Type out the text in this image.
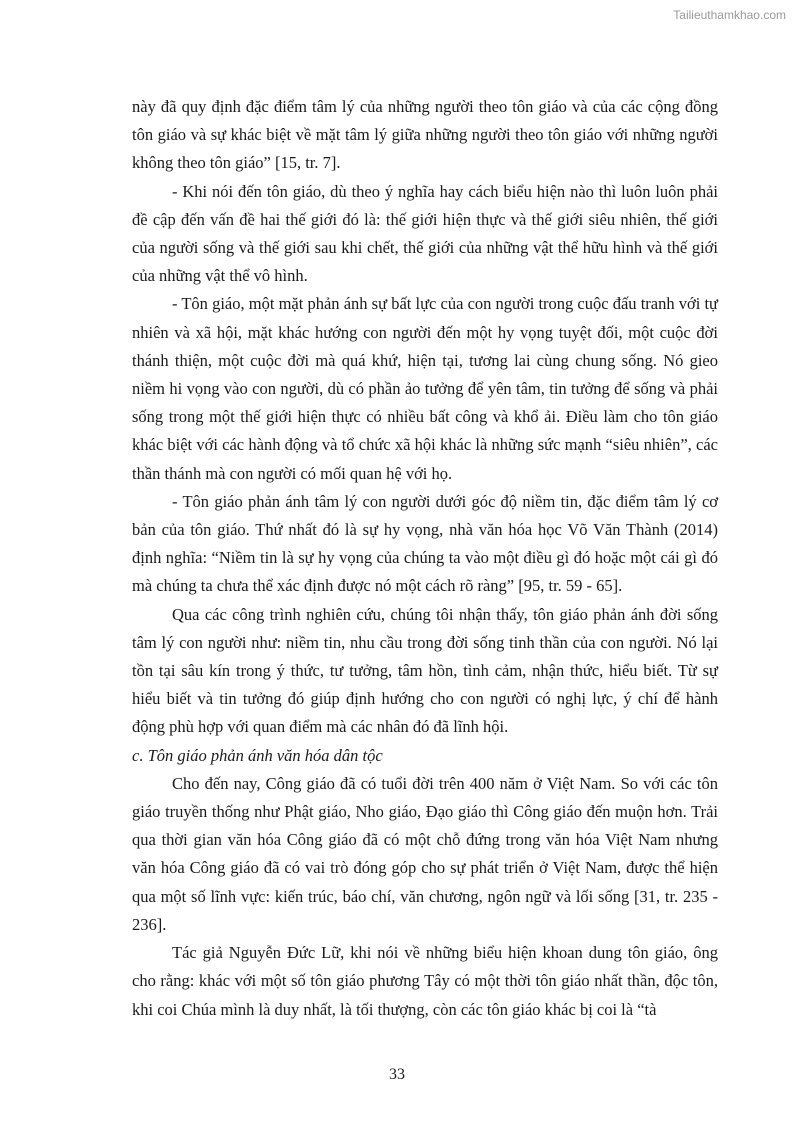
Tailieuthamkhao.com

này đã quy định đặc điểm tâm lý của những người theo tôn giáo và của các cộng đồng tôn giáo và sự khác biệt về mặt tâm lý giữa những người theo tôn giáo với những người không theo tôn giáo” [15, tr. 7].

- Khi nói đến tôn giáo, dù theo ý nghĩa hay cách biểu hiện nào thì luôn luôn phải đề cập đến vấn đề hai thế giới đó là: thế giới hiện thực và thế giới siêu nhiên, thế giới của người sống và thế giới sau khi chết, thế giới của những vật thể hữu hình và thế giới của những vật thể vô hình.

- Tôn giáo, một mặt phản ánh sự bất lực của con người trong cuộc đấu tranh với tự nhiên và xã hội, mặt khác hướng con người đến một hy vọng tuyệt đối, một cuộc đời thánh thiện, một cuộc đời mà quá khứ, hiện tại, tương lai cùng chung sống. Nó gieo niềm hi vọng vào con người, dù có phần ảo tưởng để yên tâm, tin tưởng để sống và phải sống trong một thế giới hiện thực có nhiều bất công và khổ ải. Điều làm cho tôn giáo khác biệt với các hành động và tổ chức xã hội khác là những sức mạnh “siêu nhiên”, các thần thánh mà con người có mối quan hệ với họ.

- Tôn giáo phản ánh tâm lý con người dưới góc độ niềm tin, đặc điểm tâm lý cơ bản của tôn giáo. Thứ nhất đó là sự hy vọng, nhà văn hóa học Võ Văn Thành (2014) định nghĩa: “Niềm tin là sự hy vọng của chúng ta vào một điều gì đó hoặc một cái gì đó mà chúng ta chưa thể xác định được nó một cách rõ ràng” [95, tr. 59 - 65].

Qua các công trình nghiên cứu, chúng tôi nhận thấy, tôn giáo phản ánh đời sống tâm lý con người như: niềm tin, nhu cầu trong đời sống tinh thần của con người. Nó lại tồn tại sâu kín trong ý thức, tư tưởng, tâm hồn, tình cảm, nhận thức, hiểu biết. Từ sự hiểu biết và tin tưởng đó giúp định hướng cho con người có nghị lực, ý chí để hành động phù hợp với quan điểm mà các nhân đó đã lĩnh hội.

c. Tôn giáo phản ánh văn hóa dân tộc

Cho đến nay, Công giáo đã có tuổi đời trên 400 năm ở Việt Nam. So với các tôn giáo truyền thống như Phật giáo, Nho giáo, Đạo giáo thì Công giáo đến muộn hơn. Trải qua thời gian văn hóa Công giáo đã có một chỗ đứng trong văn hóa Việt Nam nhưng văn hóa Công giáo đã có vai trò đóng góp cho sự phát triển ở Việt Nam, được thể hiện qua một số lĩnh vực: kiến trúc, báo chí, văn chương, ngôn ngữ và lối sống [31, tr. 235 - 236].

Tác giả Nguyễn Đức Lữ, khi nói về những biểu hiện khoan dung tôn giáo, ông cho rằng: khác với một số tôn giáo phương Tây có một thời tôn giáo nhất thần, độc tôn, khi coi Chúa mình là duy nhất, là tối thượng, còn các tôn giáo khác bị coi là “tà

33
